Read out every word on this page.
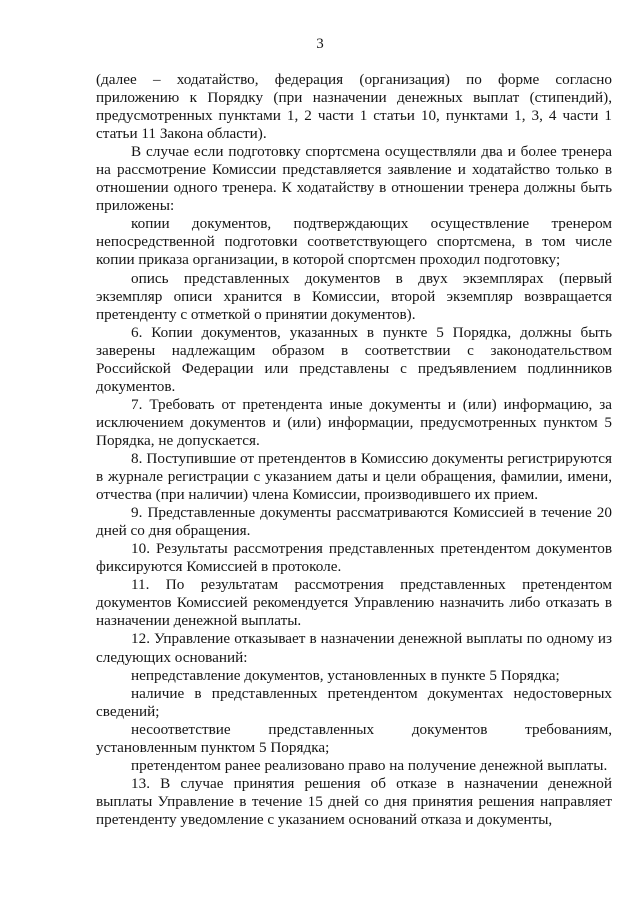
3

(далее – ходатайство, федерация (организация) по форме согласно приложению к Порядку (при назначении денежных выплат (стипендий), предусмотренных пунктами 1, 2 части 1 статьи 10, пунктами 1, 3, 4 части 1 статьи 11 Закона области).

В случае если подготовку спортсмена осуществляли два и более тренера на рассмотрение Комиссии представляется заявление и ходатайство только в отношении одного тренера. К ходатайству в отношении тренера должны быть приложены:

копии документов, подтверждающих осуществление тренером непосредственной подготовки соответствующего спортсмена, в том числе копии приказа организации, в которой спортсмен проходил подготовку;

опись представленных документов в двух экземплярах (первый экземпляр описи хранится в Комиссии, второй экземпляр возвращается претенденту с отметкой о принятии документов).

6. Копии документов, указанных в пункте 5 Порядка, должны быть заверены надлежащим образом в соответствии с законодательством Российской Федерации или представлены с предъявлением подлинников документов.

7. Требовать от претендента иные документы и (или) информацию, за исключением документов и (или) информации, предусмотренных пунктом 5 Порядка, не допускается.

8. Поступившие от претендентов в Комиссию документы регистрируются в журнале регистрации с указанием даты и цели обращения, фамилии, имени, отчества (при наличии) члена Комиссии, производившего их прием.

9. Представленные документы рассматриваются Комиссией в течение 20 дней со дня обращения.

10. Результаты рассмотрения представленных претендентом документов фиксируются Комиссией в протоколе.

11. По результатам рассмотрения представленных претендентом документов Комиссией рекомендуется Управлению назначить либо отказать в назначении денежной выплаты.

12. Управление отказывает в назначении денежной выплаты по одному из следующих оснований:

непредставление документов, установленных в пункте 5 Порядка;

наличие в представленных претендентом документах недостоверных сведений;

несоответствие представленных документов требованиям, установленным пунктом 5 Порядка;

претендентом ранее реализовано право на получение денежной выплаты.

13. В случае принятия решения об отказе в назначении денежной выплаты Управление в течение 15 дней со дня принятия решения направляет претенденту уведомление с указанием оснований отказа и документы,
